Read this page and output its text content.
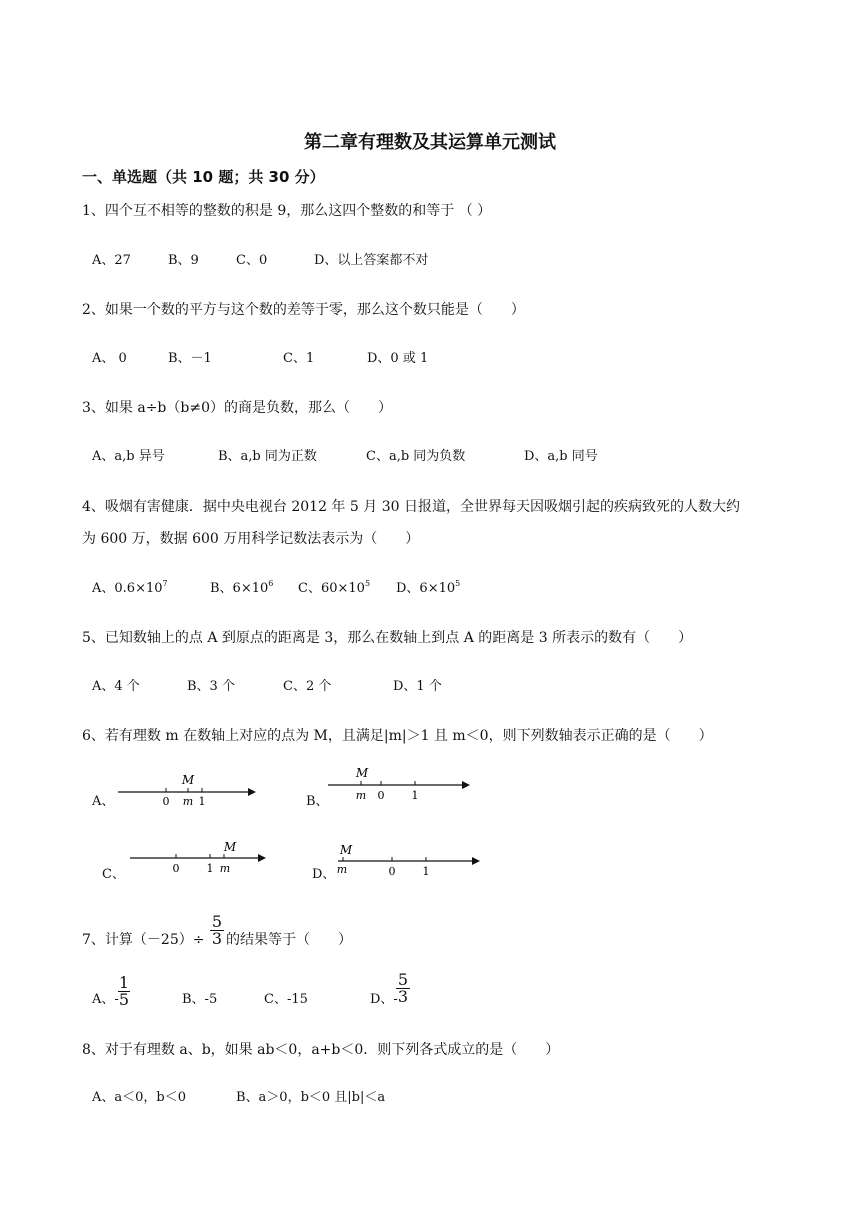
第二章有理数及其运算单元测试
一、单选题（共 10 题；共 30 分）
1、四个互不相等的整数的积是 9，那么这四个整数的和等于 （ ）
A、27	B、9	C、0	D、以上答案都不对
2、如果一个数的平方与这个数的差等于零，那么这个数只能是（　　）
A、 0	B、－1	C、1	D、0 或 1
3、如果 a÷b（b≠0）的商是负数，那么（　　）
A、a,b 异号	B、a,b 同为正数	C、a,b 同为负数	D、a,b 同号
4、吸烟有害健康．据中央电视台 2012 年 5 月 30 日报道，全世界每天因吸烟引起的疾病致死的人数大约
为 600 万，数据 600 万用科学记数法表示为（　　）
A、$0.6\times 10^7$	B、$6\times 10^6$ C、$60\times 10^5$ D、$6\times 10^5$
5、已知数轴上的点 A 到原点的距离是 3，那么在数轴上到点 A 的距离是 3 所表示的数有（　　）
A、4 个	B、3 个	C、2 个	D、1 个
6、若有理数 m 在数轴上对应的点为 M，且满足|m|＞1 且 m＜0，则下列数轴表示正确的是（　　）
A、	0 m 1
M
B、 m 0 1
M
C、	0 1 m
M
D、 m	0 1
M
7、计算（－25）÷
5
3 的结果等于（　　）
A、-
1
5	B、-5	C、-15	D、-
5
3
8、对于有理数 a、b，如果 ab＜0，a+b＜0．则下列各式成立的是（　　）
A、a＜0，b＜0	B、a＞0，b＜0 且|b|＜a
